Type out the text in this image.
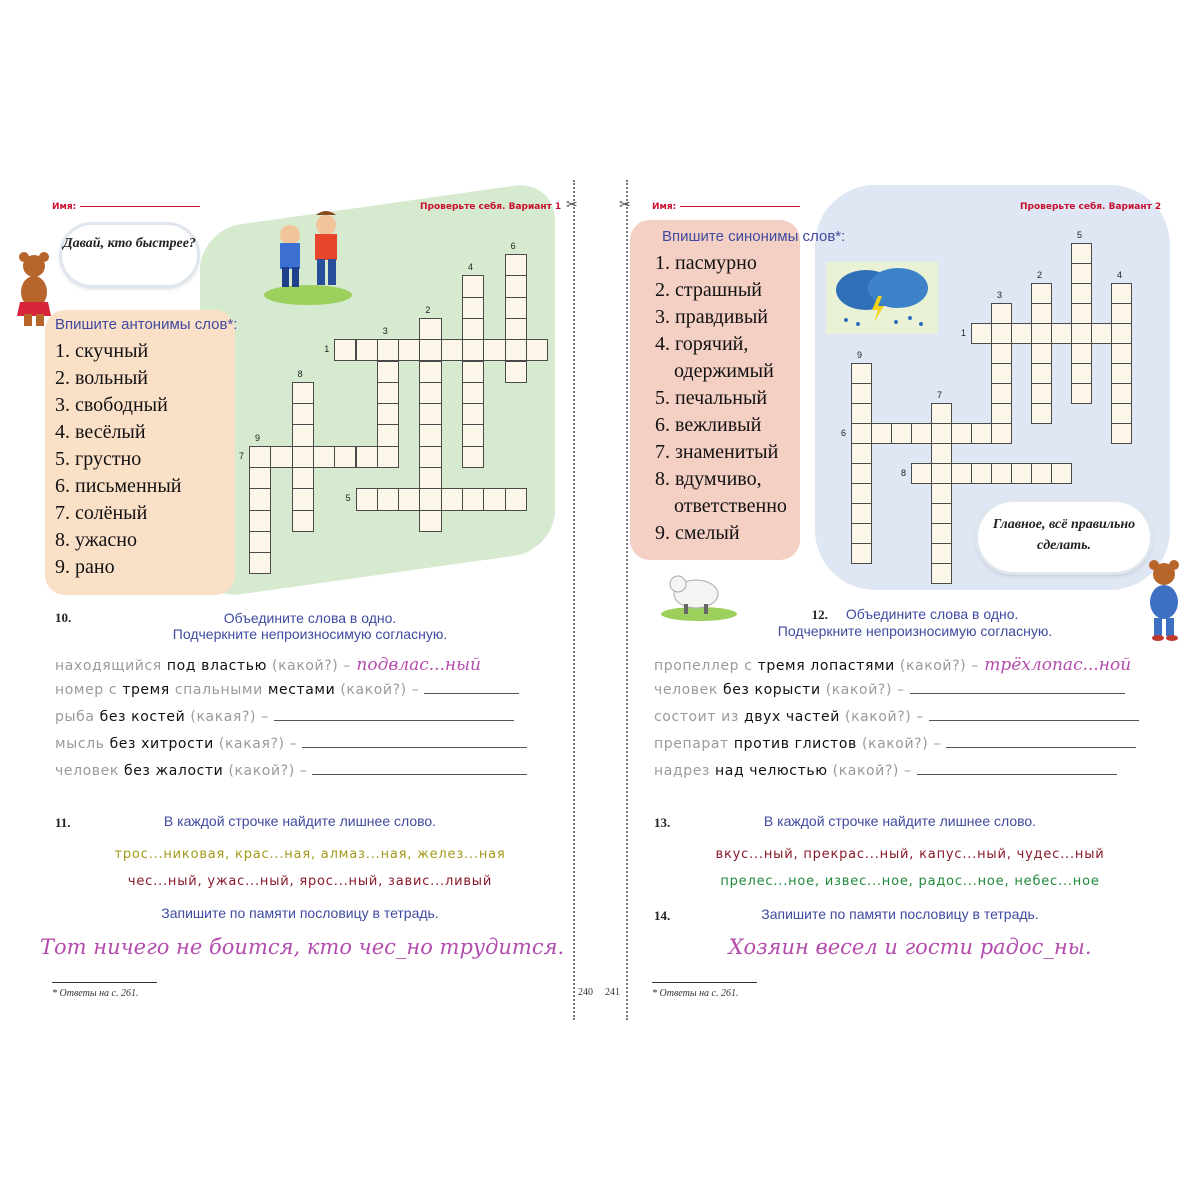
Имя:	Проверьте себя. Вариант 1 ✂
Давай, кто быстрее?
Впишите антонимы слов*:
1. скучный
2. вольный
3. свободный
4. весёлый
5. грустно
6. письменный
7. солёный
8. ужасно
9. рано
1
6
4
2
3
7
8
9
5
10.	Объедините слова в одно.
Подчеркните непроизносимую согласную.
находящийся под властью (какой?) – подвлас...ный
номер с тремя спальными местами (какой?) –
рыба без костей (какая?) –
мысль без хитрости (какая?) –
человек без жалости (какой?) –
11.	В каждой строчке найдите лишнее слово.
трос...никовая, крас...ная, алмаз...ная, желез...ная
чес...ный, ужас...ный, ярос...ный, завис...ливый
Запишите по памяти пословицу в тетрадь.
Тот ничего не боится, кто чес_но трудится.
* Ответы на с. 261.	240
✂ Имя:	Проверьте себя. Вариант 2
Впишите синонимы слов*:
1. пасмурно
2. страшный
3. правдивый
4. горячий,
одержимый
5. печальный
6. вежливый
7. знаменитый
8. вдумчиво,
ответственно
9. смелый
5
2	4
3
1
9
7
6
8
Главное, всё правильно сделать.
12. Объедините слова в одно.
Подчеркните непроизносимую согласную.
пропеллер с тремя лопастями (какой?) – трёхлопас...ной
человек без корысти (какой?) –
состоит из двух частей (какой?) –
препарат против глистов (какой?) –
надрез над челюстью (какой?) –
13.	В каждой строчке найдите лишнее слово.
вкус...ный, прекрас...ный, капус...ный, чудес...ный
прелес...ное, извес...ное, радос...ное, небес...ное
14.	Запишите по памяти пословицу в тетрадь.
Хозяин весел и гости радос_ны.
* Ответы на с. 261.
241
